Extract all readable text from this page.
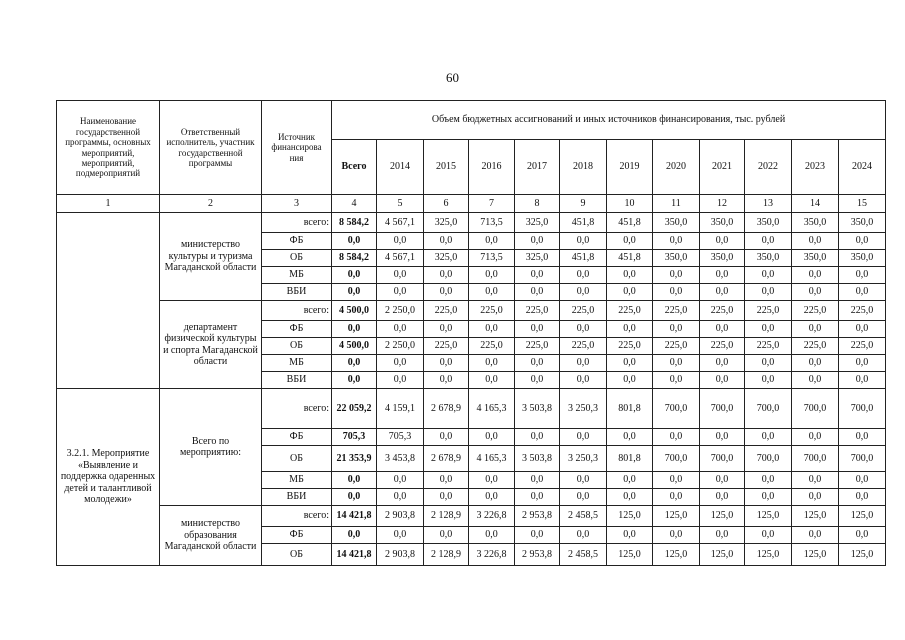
60
Наименование государственной программы, основных мероприятий, мероприятий, подмероприятий	Ответственный исполнитель, участник государственной программы	Источник финансирова ния	Объем бюджетных ассигнований и иных источников финансирования, тыс. рублей											
			Всего	2014	2015	2016	2017	2018	2019	2020	2021	2022	2023	2024
1	2	3	4	5	6	7	8	9	10	11	12	13	14	15
	министерство культуры и туризма Магаданской области	всего:	8 584,2	4 567,1	325,0	713,5	325,0	451,8	451,8	350,0	350,0	350,0	350,0	350,0
		ФБ	0,0	0,0	0,0	0,0	0,0	0,0	0,0	0,0	0,0	0,0	0,0	0,0
		ОБ	8 584,2	4 567,1	325,0	713,5	325,0	451,8	451,8	350,0	350,0	350,0	350,0	350,0
		МБ	0,0	0,0	0,0	0,0	0,0	0,0	0,0	0,0	0,0	0,0	0,0	0,0
		ВБИ	0,0	0,0	0,0	0,0	0,0	0,0	0,0	0,0	0,0	0,0	0,0	0,0
	департамент физической культуры и спорта Магаданской области	всего:	4 500,0	2 250,0	225,0	225,0	225,0	225,0	225,0	225,0	225,0	225,0	225,0	225,0
		ФБ	0,0	0,0	0,0	0,0	0,0	0,0	0,0	0,0	0,0	0,0	0,0	0,0
		ОБ	4 500,0	2 250,0	225,0	225,0	225,0	225,0	225,0	225,0	225,0	225,0	225,0	225,0
		МБ	0,0	0,0	0,0	0,0	0,0	0,0	0,0	0,0	0,0	0,0	0,0	0,0
		ВБИ	0,0	0,0	0,0	0,0	0,0	0,0	0,0	0,0	0,0	0,0	0,0	0,0
3.2.1. Мероприятие «Выявление и поддержка одаренных детей и талантливой молодежи»	Всего по мероприятию:	всего:	22 059,2	4 159,1	2 678,9	4 165,3	3 503,8	3 250,3	801,8	700,0	700,0	700,0	700,0	700,0
		ФБ	705,3	705,3	0,0	0,0	0,0	0,0	0,0	0,0	0,0	0,0	0,0	0,0
		ОБ	21 353,9	3 453,8	2 678,9	4 165,3	3 503,8	3 250,3	801,8	700,0	700,0	700,0	700,0	700,0
		МБ	0,0	0,0	0,0	0,0	0,0	0,0	0,0	0,0	0,0	0,0	0,0	0,0
		ВБИ	0,0	0,0	0,0	0,0	0,0	0,0	0,0	0,0	0,0	0,0	0,0	0,0
	министерство образования Магаданской области	всего:	14 421,8	2 903,8	2 128,9	3 226,8	2 953,8	2 458,5	125,0	125,0	125,0	125,0	125,0	125,0
		ФБ	0,0	0,0	0,0	0,0	0,0	0,0	0,0	0,0	0,0	0,0	0,0	0,0
		ОБ	14 421,8	2 903,8	2 128,9	3 226,8	2 953,8	2 458,5	125,0	125,0	125,0	125,0	125,0	125,0
